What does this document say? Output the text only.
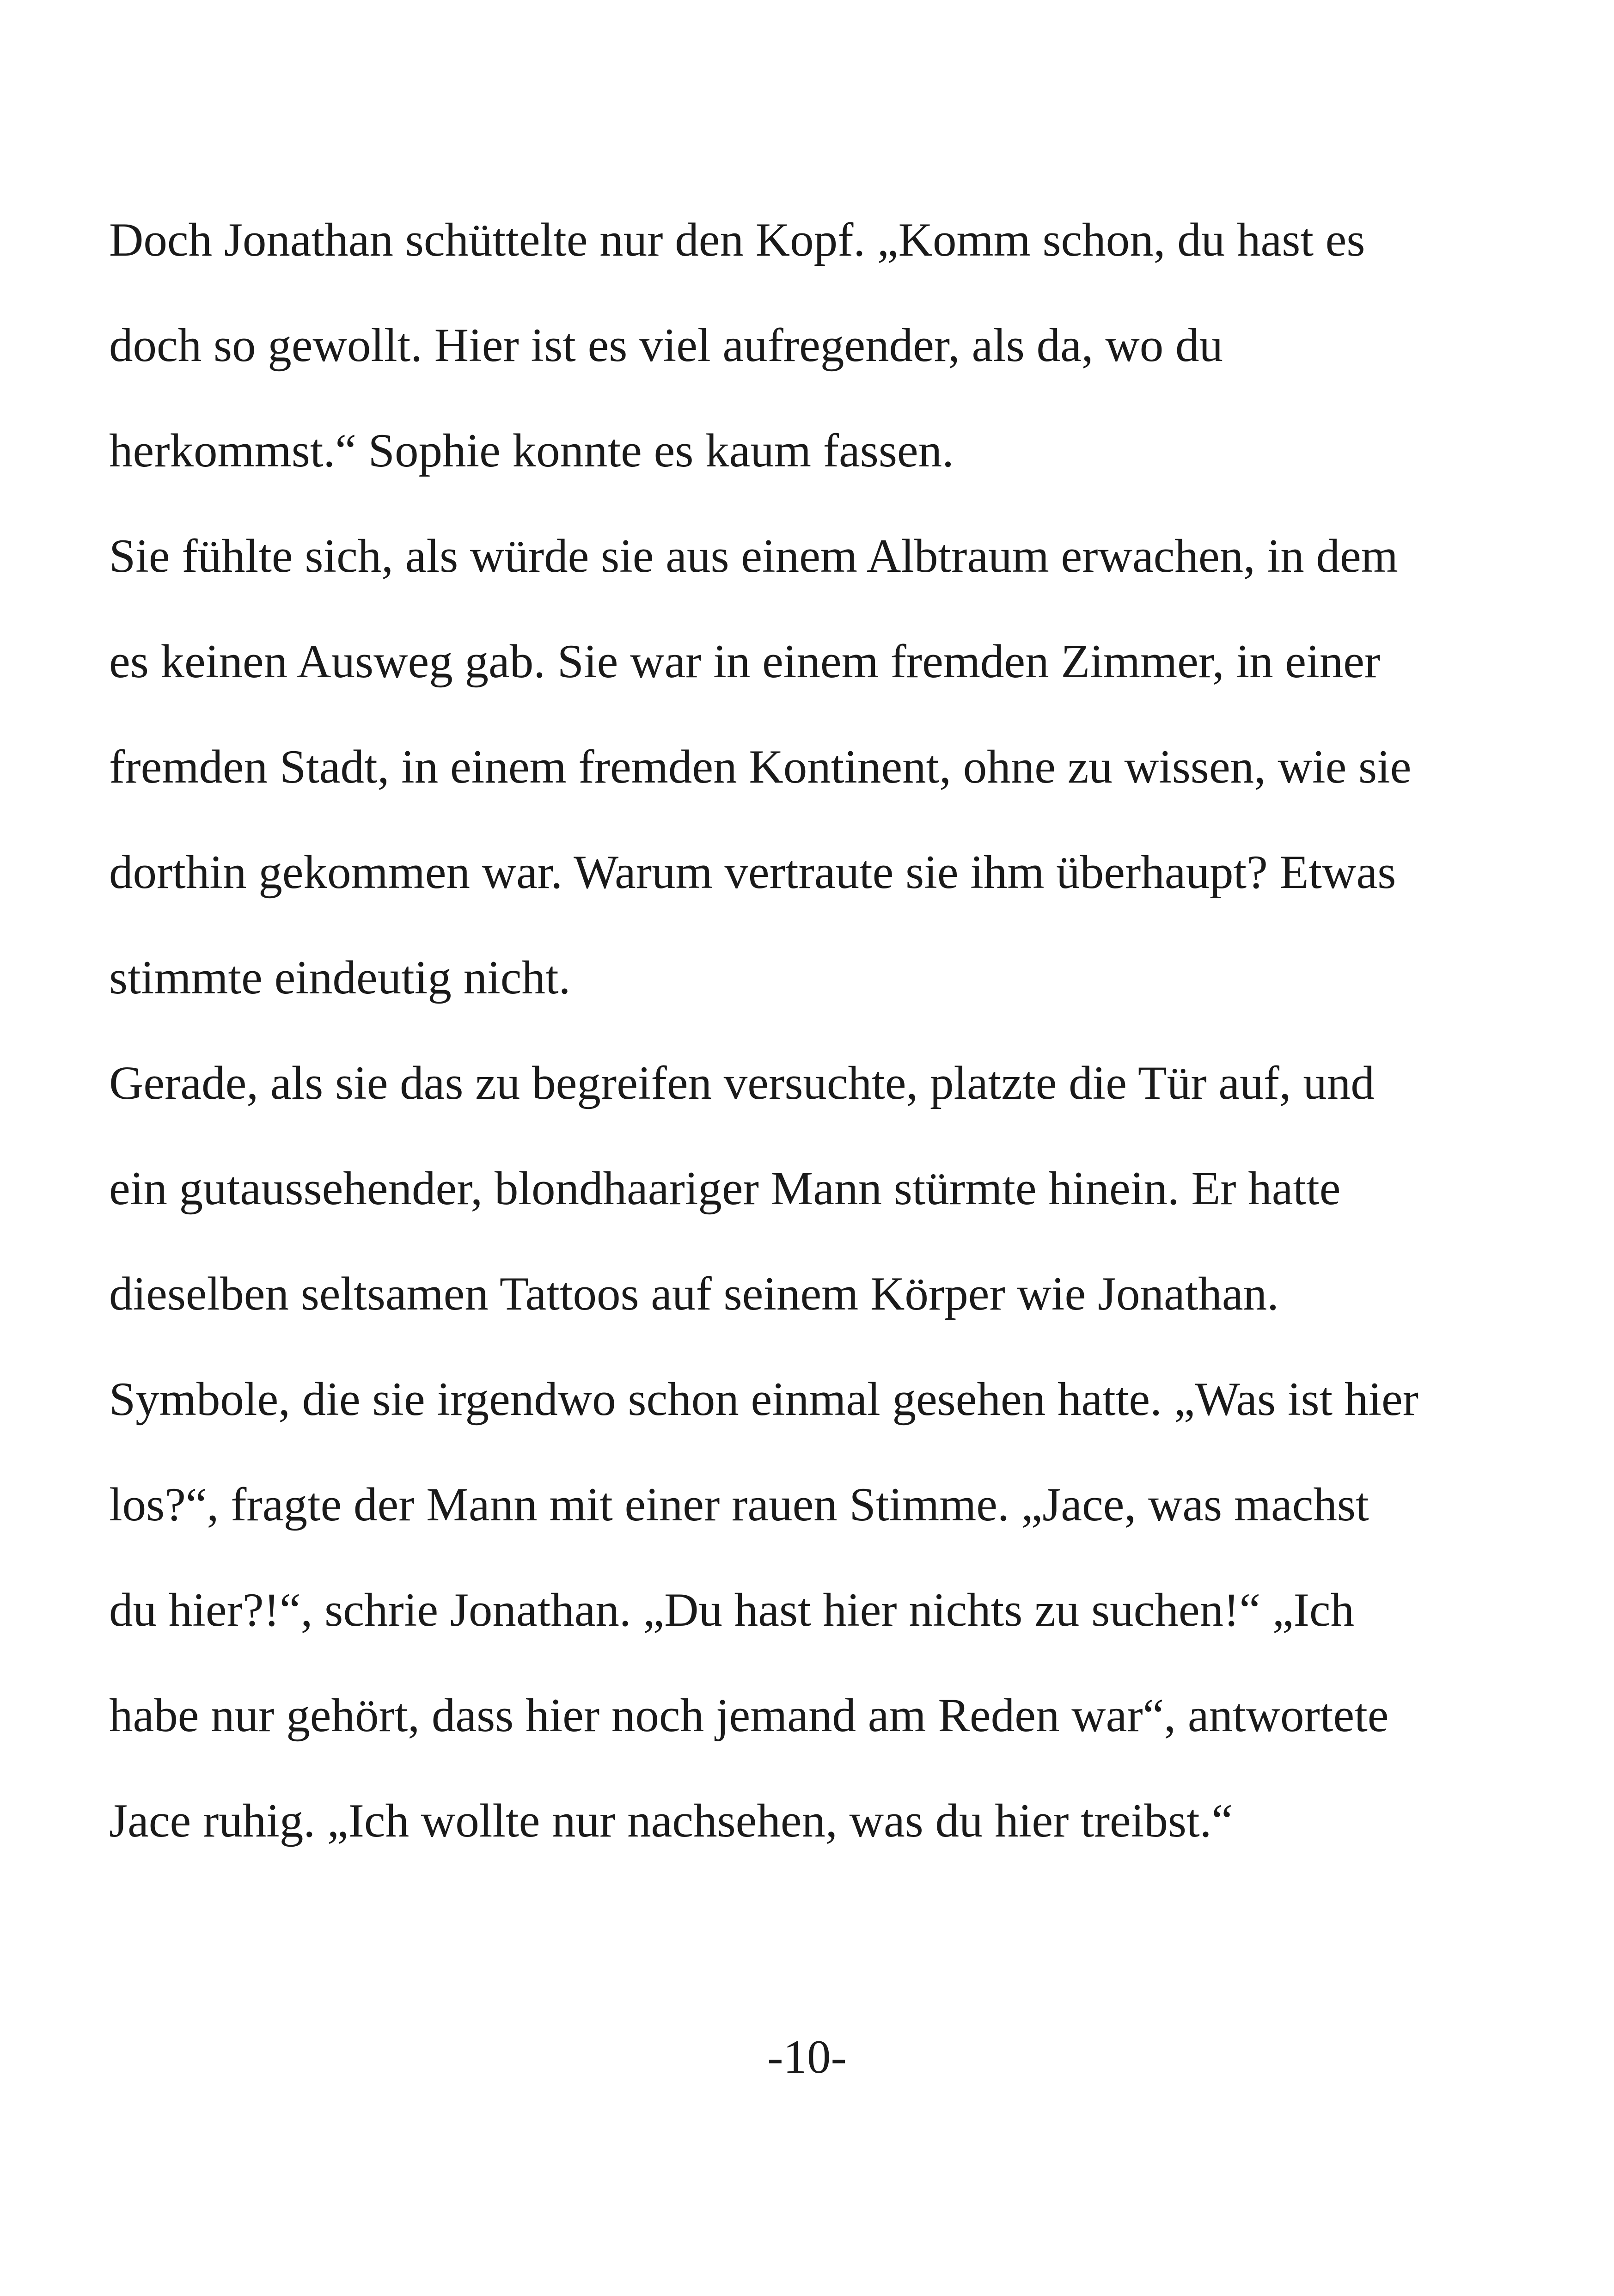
Doch Jonathan schüttelte nur den Kopf. „Komm schon, du hast es
doch so gewollt. Hier ist es viel aufregender, als da, wo du
herkommst.“ Sophie konnte es kaum fassen.
Sie fühlte sich, als würde sie aus einem Albtraum erwachen, in dem
es keinen Ausweg gab. Sie war in einem fremden Zimmer, in einer
fremden Stadt, in einem fremden Kontinent, ohne zu wissen, wie sie
dorthin gekommen war. Warum vertraute sie ihm überhaupt? Etwas
stimmte eindeutig nicht.
Gerade, als sie das zu begreifen versuchte, platzte die Tür auf, und
ein gutaussehender, blondhaariger Mann stürmte hinein. Er hatte
dieselben seltsamen Tattoos auf seinem Körper wie Jonathan.
Symbole, die sie irgendwo schon einmal gesehen hatte. „Was ist hier
los?“, fragte der Mann mit einer rauen Stimme. „Jace, was machst
du hier?!“, schrie Jonathan. „Du hast hier nichts zu suchen!“ „Ich
habe nur gehört, dass hier noch jemand am Reden war“, antwortete
Jace ruhig. „Ich wollte nur nachsehen, was du hier treibst.“
-10-
